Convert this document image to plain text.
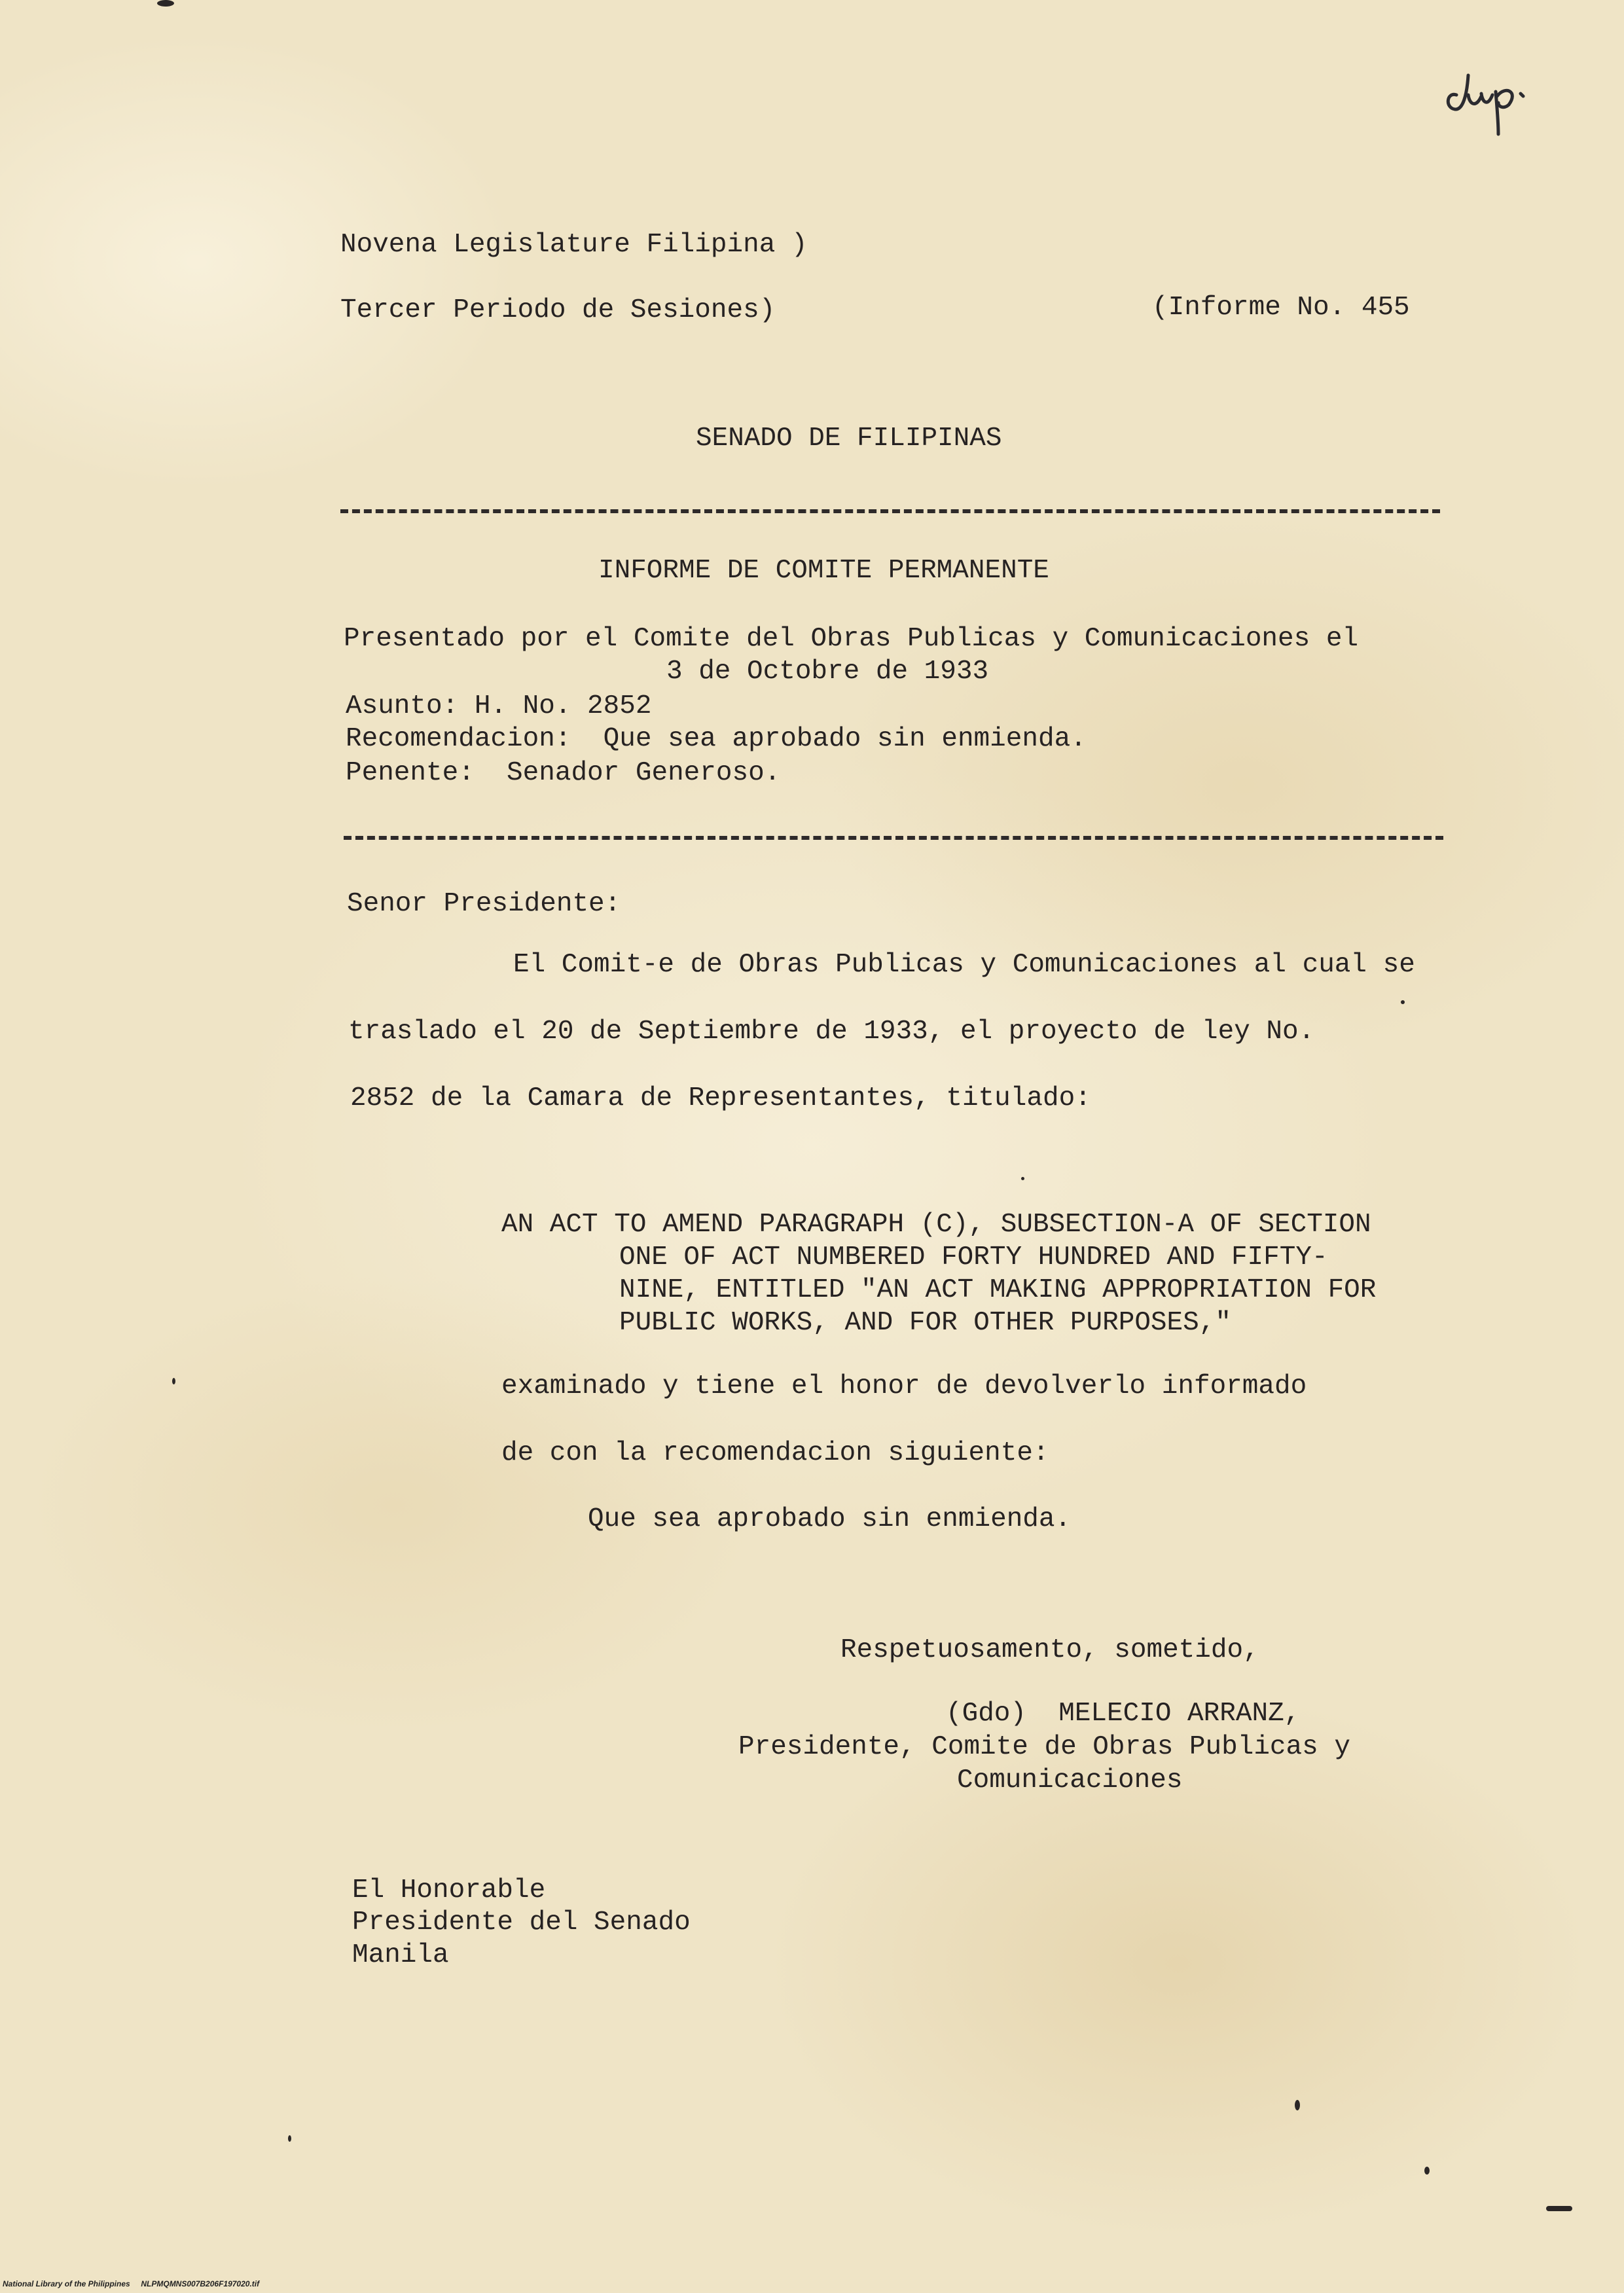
Novena Legislature Filipina )
Tercer Periodo de Sesiones)	(Informe No. 455
SENADO DE FILIPINAS
INFORME DE COMITE PERMANENTE
Presentado por el Comite del Obras Publicas y Comunicaciones el
3 de Octobre de 1933
Asunto: H. No. 2852
Recomendacion:  Que sea aprobado sin enmienda.
Penente:  Senador Generoso.
Senor Presidente:
El Comit-e de Obras Publicas y Comunicaciones al cual se
traslado el 20 de Septiembre de 1933, el proyecto de ley No.
2852 de la Camara de Representantes, titulado:
AN ACT TO AMEND PARAGRAPH (C), SUBSECTION-A OF SECTION
ONE OF ACT NUMBERED FORTY HUNDRED AND FIFTY-
NINE, ENTITLED "AN ACT MAKING APPROPRIATION FOR
PUBLIC WORKS, AND FOR OTHER PURPOSES,"
examinado y tiene el honor de devolverlo informado
de con la recomendacion siguiente:
Que sea aprobado sin enmienda.
Respetuosamento, sometido,
(Gdo)  MELECIO ARRANZ,
Presidente, Comite de Obras Publicas y
Comunicaciones
El Honorable
Presidente del Senado
Manila
National Library of the Philippines     NLPMQMNS007B206F197020.tif
